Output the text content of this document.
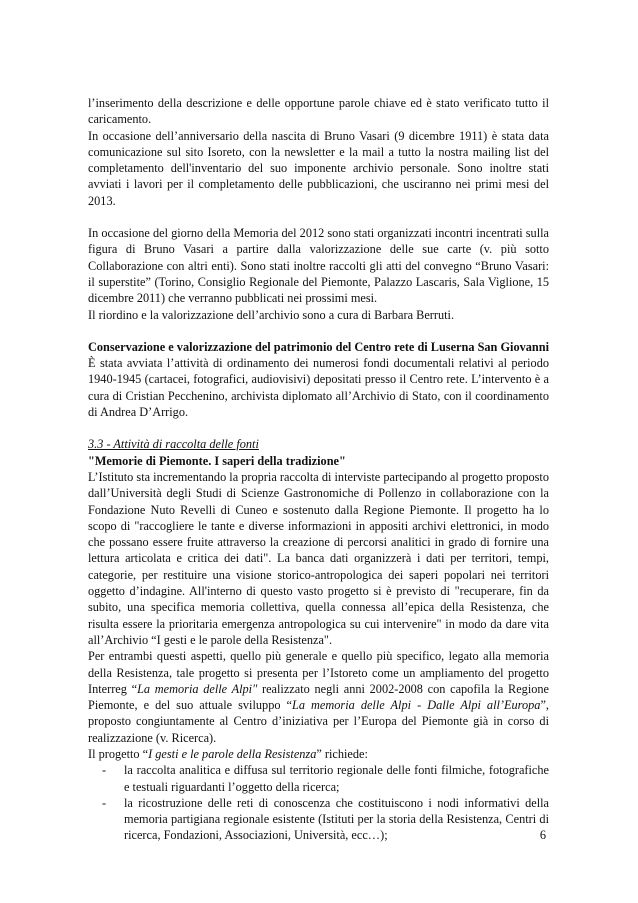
l’inserimento della descrizione e delle opportune parole chiave ed è stato verificato tutto il caricamento.

In occasione dell’anniversario della nascita di Bruno Vasari (9 dicembre 1911) è stata data comunicazione sul sito Isoreto, con la newsletter e la mail a tutto la nostra mailing list del completamento dell'inventario del suo imponente archivio personale. Sono inoltre stati avviati i lavori per il completamento delle pubblicazioni, che usciranno nei primi mesi del 2013.

In occasione del giorno della Memoria del 2012 sono stati organizzati incontri incentrati sulla figura di Bruno Vasari a partire dalla valorizzazione delle sue carte (v. più sotto Collaborazione con altri enti). Sono stati inoltre raccolti gli atti del convegno “Bruno Vasari: il superstite” (Torino, Consiglio Regionale del Piemonte, Palazzo Lascaris, Sala Viglione, 15 dicembre 2011) che verranno pubblicati nei prossimi mesi.

Il riordino e la valorizzazione dell’archivio sono a cura di Barbara Berruti.

Conservazione e valorizzazione del patrimonio del Centro rete di Luserna San Giovanni

È stata avviata l’attività di ordinamento dei numerosi fondi documentali relativi al periodo 1940-1945 (cartacei, fotografici, audiovisivi) depositati presso il Centro rete. L’intervento è a cura di Cristian Pecchenino, archivista diplomato all’Archivio di Stato, con il coordinamento di Andrea D’Arrigo.

3.3 - Attività di raccolta delle fonti

"Memorie di Piemonte. I saperi della tradizione"

L’Istituto sta incrementando la propria raccolta di interviste partecipando al progetto proposto dall’Università degli Studi di Scienze Gastronomiche di Pollenzo in collaborazione con la Fondazione Nuto Revelli di Cuneo e sostenuto dalla Regione Piemonte. Il progetto ha lo scopo di "raccogliere le tante e diverse informazioni in appositi archivi elettronici, in modo che possano essere fruite attraverso la creazione di percorsi analitici in grado di fornire una lettura articolata e critica dei dati". La banca dati organizzerà i dati per territori, tempi, categorie, per restituire una visione storico-antropologica dei saperi popolari nei territori oggetto d’indagine. All'interno di questo vasto progetto si è previsto di "recuperare, fin da subito, una specifica memoria collettiva, quella connessa all’epica della Resistenza, che risulta essere la prioritaria emergenza antropologica su cui intervenire" in modo da dare vita all’Archivio “I gesti e le parole della Resistenza".

Per entrambi questi aspetti, quello più generale e quello più specifico, legato alla memoria della Resistenza, tale progetto si presenta per l’Istoreto come un ampliamento del progetto Interreg “La memoria delle Alpi" realizzato negli anni 2002-2008 con capofila la Regione Piemonte, e del suo attuale sviluppo “La memoria delle Alpi - Dalle Alpi all’Europa”, proposto congiuntamente al Centro d’iniziativa per l’Europa del Piemonte già in corso di realizzazione (v. Ricerca).

Il progetto “I gesti e le parole della Resistenza” richiede:

- la raccolta analitica e diffusa sul territorio regionale delle fonti filmiche, fotografiche e testuali riguardanti l’oggetto della ricerca;
- la ricostruzione delle reti di conoscenza che costituiscono i nodi informativi della memoria partigiana regionale esistente (Istituti per la storia della Resistenza, Centri di ricerca, Fondazioni, Associazioni, Università, ecc…);	6
